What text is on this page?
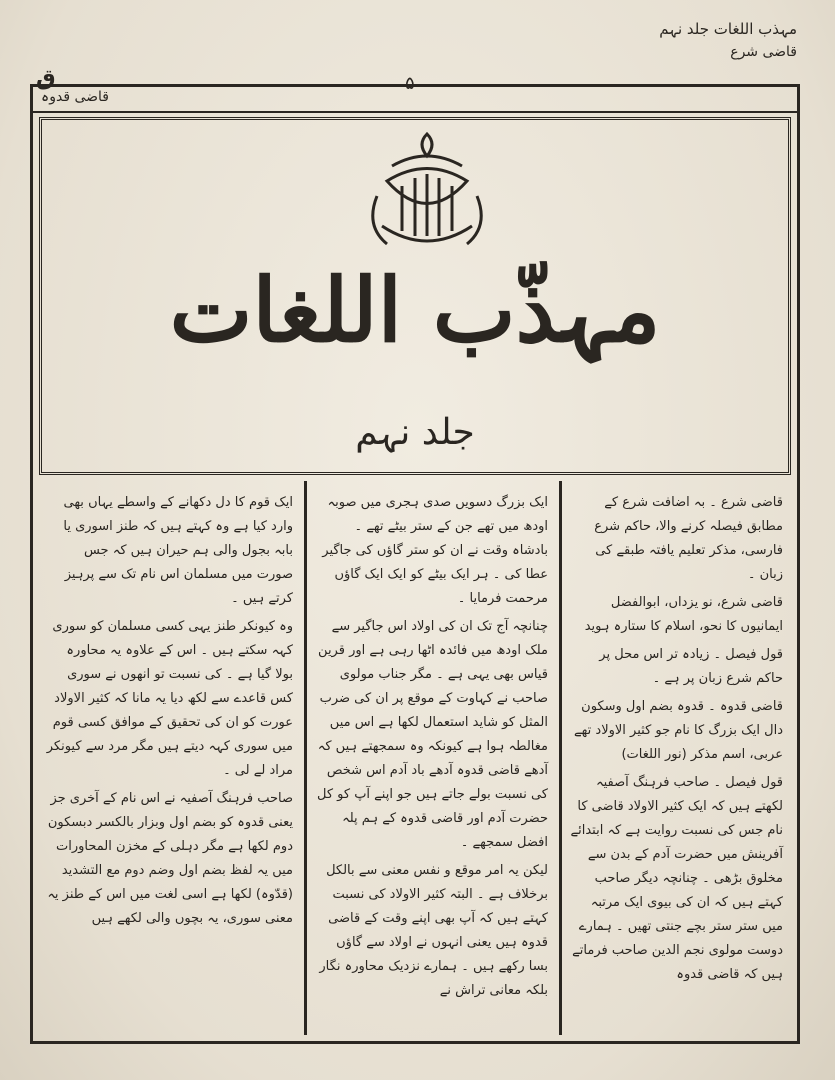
مہذب اللغات جلد نہم
قاضی شرع
ق
قاضی قدوہ
۵
مہذّب اللغات
جلد نہم

قاضی شرع ۔ بہ اضافت شرع کے مطابق فیصلہ کرنے والا، حاکم شرع فارسی، مذکر تعلیم یافتہ طبقے کی زبان ۔

قاضی شرع، نو یزداں، ابوالفضل ایمانیوں کا نحو، اسلام کا ستارہ ہوید

قول فیصل ۔ زیادہ تر اس محل پر حاکم شرع زبان پر ہے ۔

قاضی قدوہ ۔ قدوہ بضم اول وسکون دال ایک بزرگ کا نام جو کثیر الاولاد تھے عربی، اسم مذکر (نور اللغات)

قول فیصل ۔ صاحب فرہنگ آصفیہ لکھتے ہیں کہ ایک کثیر الاولاد قاضی کا نام جس کی نسبت روایت ہے کہ ابتدائے آفرینش میں حضرت آدم کے بدن سے مخلوق بڑھی ۔ چنانچہ دیگر صاحب کہتے ہیں کہ ان کی بیوی ایک مرتبہ میں ستر ستر بچے جنتی تھیں ۔ ہمارے دوست مولوی نجم الدین صاحب فرماتے ہیں کہ قاضی قدوہ

ایک بزرگ دسویں صدی ہجری میں صوبہ اودھ میں تھے جن کے ستر بیٹے تھے ۔ بادشاہ وقت نے ان کو ستر گاؤں کی جاگیر عطا کی ۔ ہر ایک بیٹے کو ایک ایک گاؤں مرحمت فرمایا ۔

چنانچہ آج تک ان کی اولاد اس جاگیر سے ملک اودھ میں فائدہ اٹھا رہی ہے اور قرین قیاس بھی یہی ہے ۔ مگر جناب مولوی صاحب نے کہاوت کے موقع پر ان کی ضرب المثل کو شاید استعمال لکھا ہے اس میں مغالطہ ہوا ہے کیونکہ وہ سمجھتے ہیں کہ آدھے قاضی قدوہ آدھے باد آدم اس شخص کی نسبت بولے جاتے ہیں جو اپنے آپ کو کل حضرت آدم اور قاضی قدوہ کے ہم پلہ افضل سمجھے ۔

لیکن یہ امر موقع و نفس معنی سے بالکل برخلاف ہے ۔ البتہ کثیر الاولاد کی نسبت کہتے ہیں کہ آپ بھی اپنے وقت کے قاضی قدوہ ہیں یعنی انہوں نے اولاد سے گاؤں بسا رکھے ہیں ۔ ہمارے نزدیک محاورہ نگار بلکہ معانی تراش نے

ایک قوم کا دل دکھانے کے واسطے یہاں بھی وارد کیا ہے وہ کہتے ہیں کہ طنز اسوری یا بابہ بجول والی ہم حیران ہیں کہ جس صورت میں مسلمان اس نام تک سے پرہیز کرتے ہیں ۔

وہ کیونکر طنز یہی کسی مسلمان کو سوری کہہ سکتے ہیں ۔ اس کے علاوہ یہ محاورہ بولا گیا ہے ۔ کی نسبت تو انھوں نے سوری کس قاعدے سے لکھ دیا یہ مانا کہ کثیر الاولاد عورت کو ان کی تحقیق کے موافق کسی قوم میں سوری کہہ دیتے ہیں مگر مرد سے کیونکر مراد لے لی ۔

صاحب فرہنگ آصفیہ نے اس نام کے آخری جز یعنی قدوہ کو بضم اول وبزار بالکسر دبسکون دوم لکھا ہے مگر دہلی کے مخزن المحاورات میں یہ لفظ بضم اول وضم دوم مع التشدید (قدّوہ) لکھا ہے اسی لغت میں اس کے طنز یہ معنی سوری، یہ بچوں والی لکھے ہیں
